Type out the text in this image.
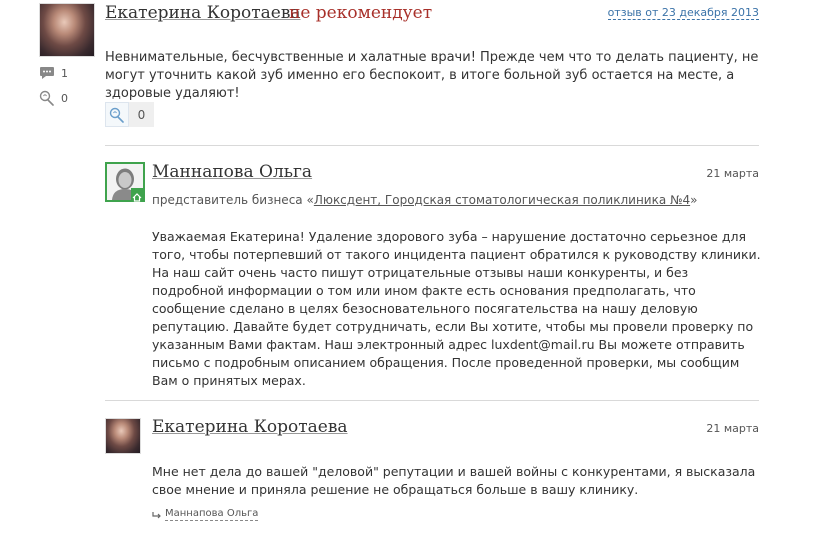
Екатерина Коротаева
не рекомендует	отзыв от 23 декабря 2013
1
0

Невнимательные, бесчувственные и халатные врачи! Прежде чем что то делать пациенту, не могут уточнить какой зуб именно его беспокоит, в итоге больной зуб остается на месте, а здоровые удаляют!

0
Маннапова Ольга	21 марта
представитель бизнеса «Люксдент, Городская стоматологическая поликлиника №4»

Уважаемая Екатерина! Удаление здорового зуба – нарушение достаточно серьезное для того, чтобы потерпевший от такого инцидента пациент обратился к руководству клиники. На наш сайт очень часто пишут отрицательные отзывы наши конкуренты, и без подробной информации о том или ином факте есть основания предполагать, что сообщение сделано в целях безосновательного посягательства на нашу деловую репутацию. Давайте будет сотрудничать, если Вы хотите, чтобы мы провели проверку по указанным Вами фактам. Наш электронный адрес luxdent@mail.ru Вы можете отправить письмо с подробным описанием обращения. После проведенной проверки, мы сообщим Вам о принятых мерах.

Екатерина Коротаева	21 марта

Мне нет дела до вашей "деловой" репутации и вашей войны с конкурентами, я высказала свое мнение и приняла решение не обращаться больше в вашу клинику.

Маннапова Ольга
